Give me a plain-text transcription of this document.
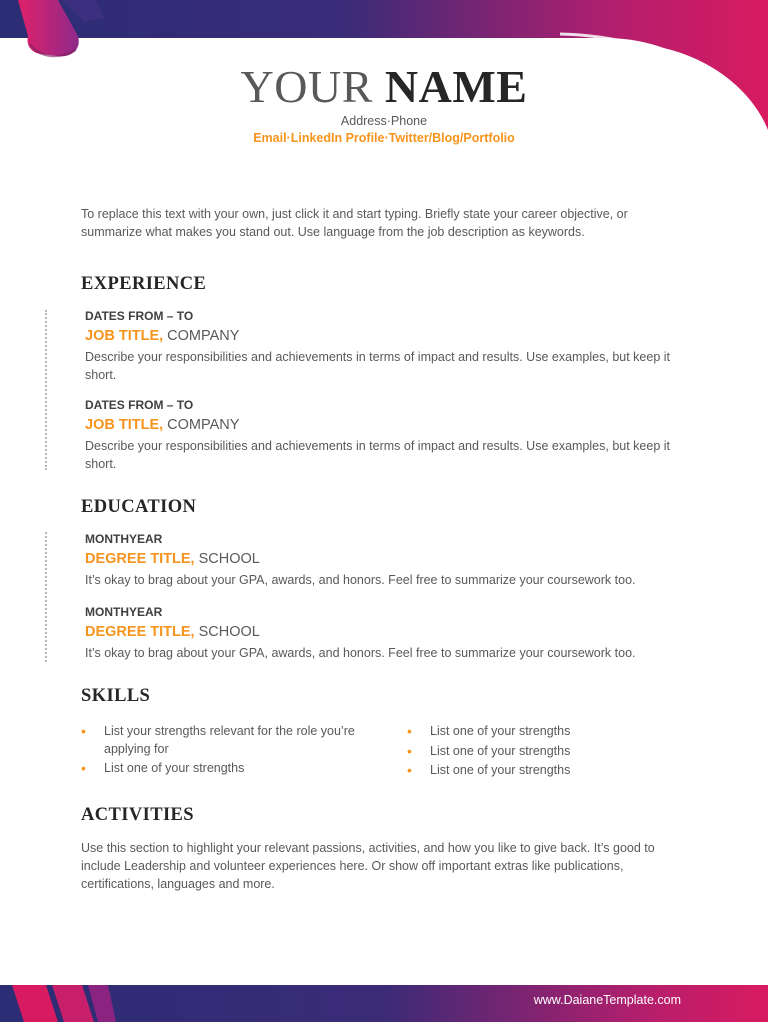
YOUR NAME
Address·Phone
Email·LinkedIn Profile·Twitter/Blog/Portfolio
To replace this text with your own, just click it and start typing. Briefly state your career objective, or summarize what makes you stand out. Use language from the job description as keywords.
EXPERIENCE
DATES FROM – TO
JOB TITLE, COMPANY
Describe your responsibilities and achievements in terms of impact and results. Use examples, but keep it short.
DATES FROM – TO
JOB TITLE, COMPANY
Describe your responsibilities and achievements in terms of impact and results. Use examples, but keep it short.
EDUCATION
MONTHYEAR
DEGREE TITLE, SCHOOL
It’s okay to brag about your GPA, awards, and honors. Feel free to summarize your coursework too.
MONTHYEAR
DEGREE TITLE, SCHOOL
It’s okay to brag about your GPA, awards, and honors. Feel free to summarize your coursework too.
SKILLS
• List your strengths relevant for the role you’re applying for
• List one of your strengths
• List one of your strengths
• List one of your strengths
• List one of your strengths
ACTIVITIES
Use this section to highlight your relevant passions, activities, and how you like to give back. It’s good to include Leadership and volunteer experiences here. Or show off important extras like publications, certifications, languages and more.
www.DaianeTemplate.com
